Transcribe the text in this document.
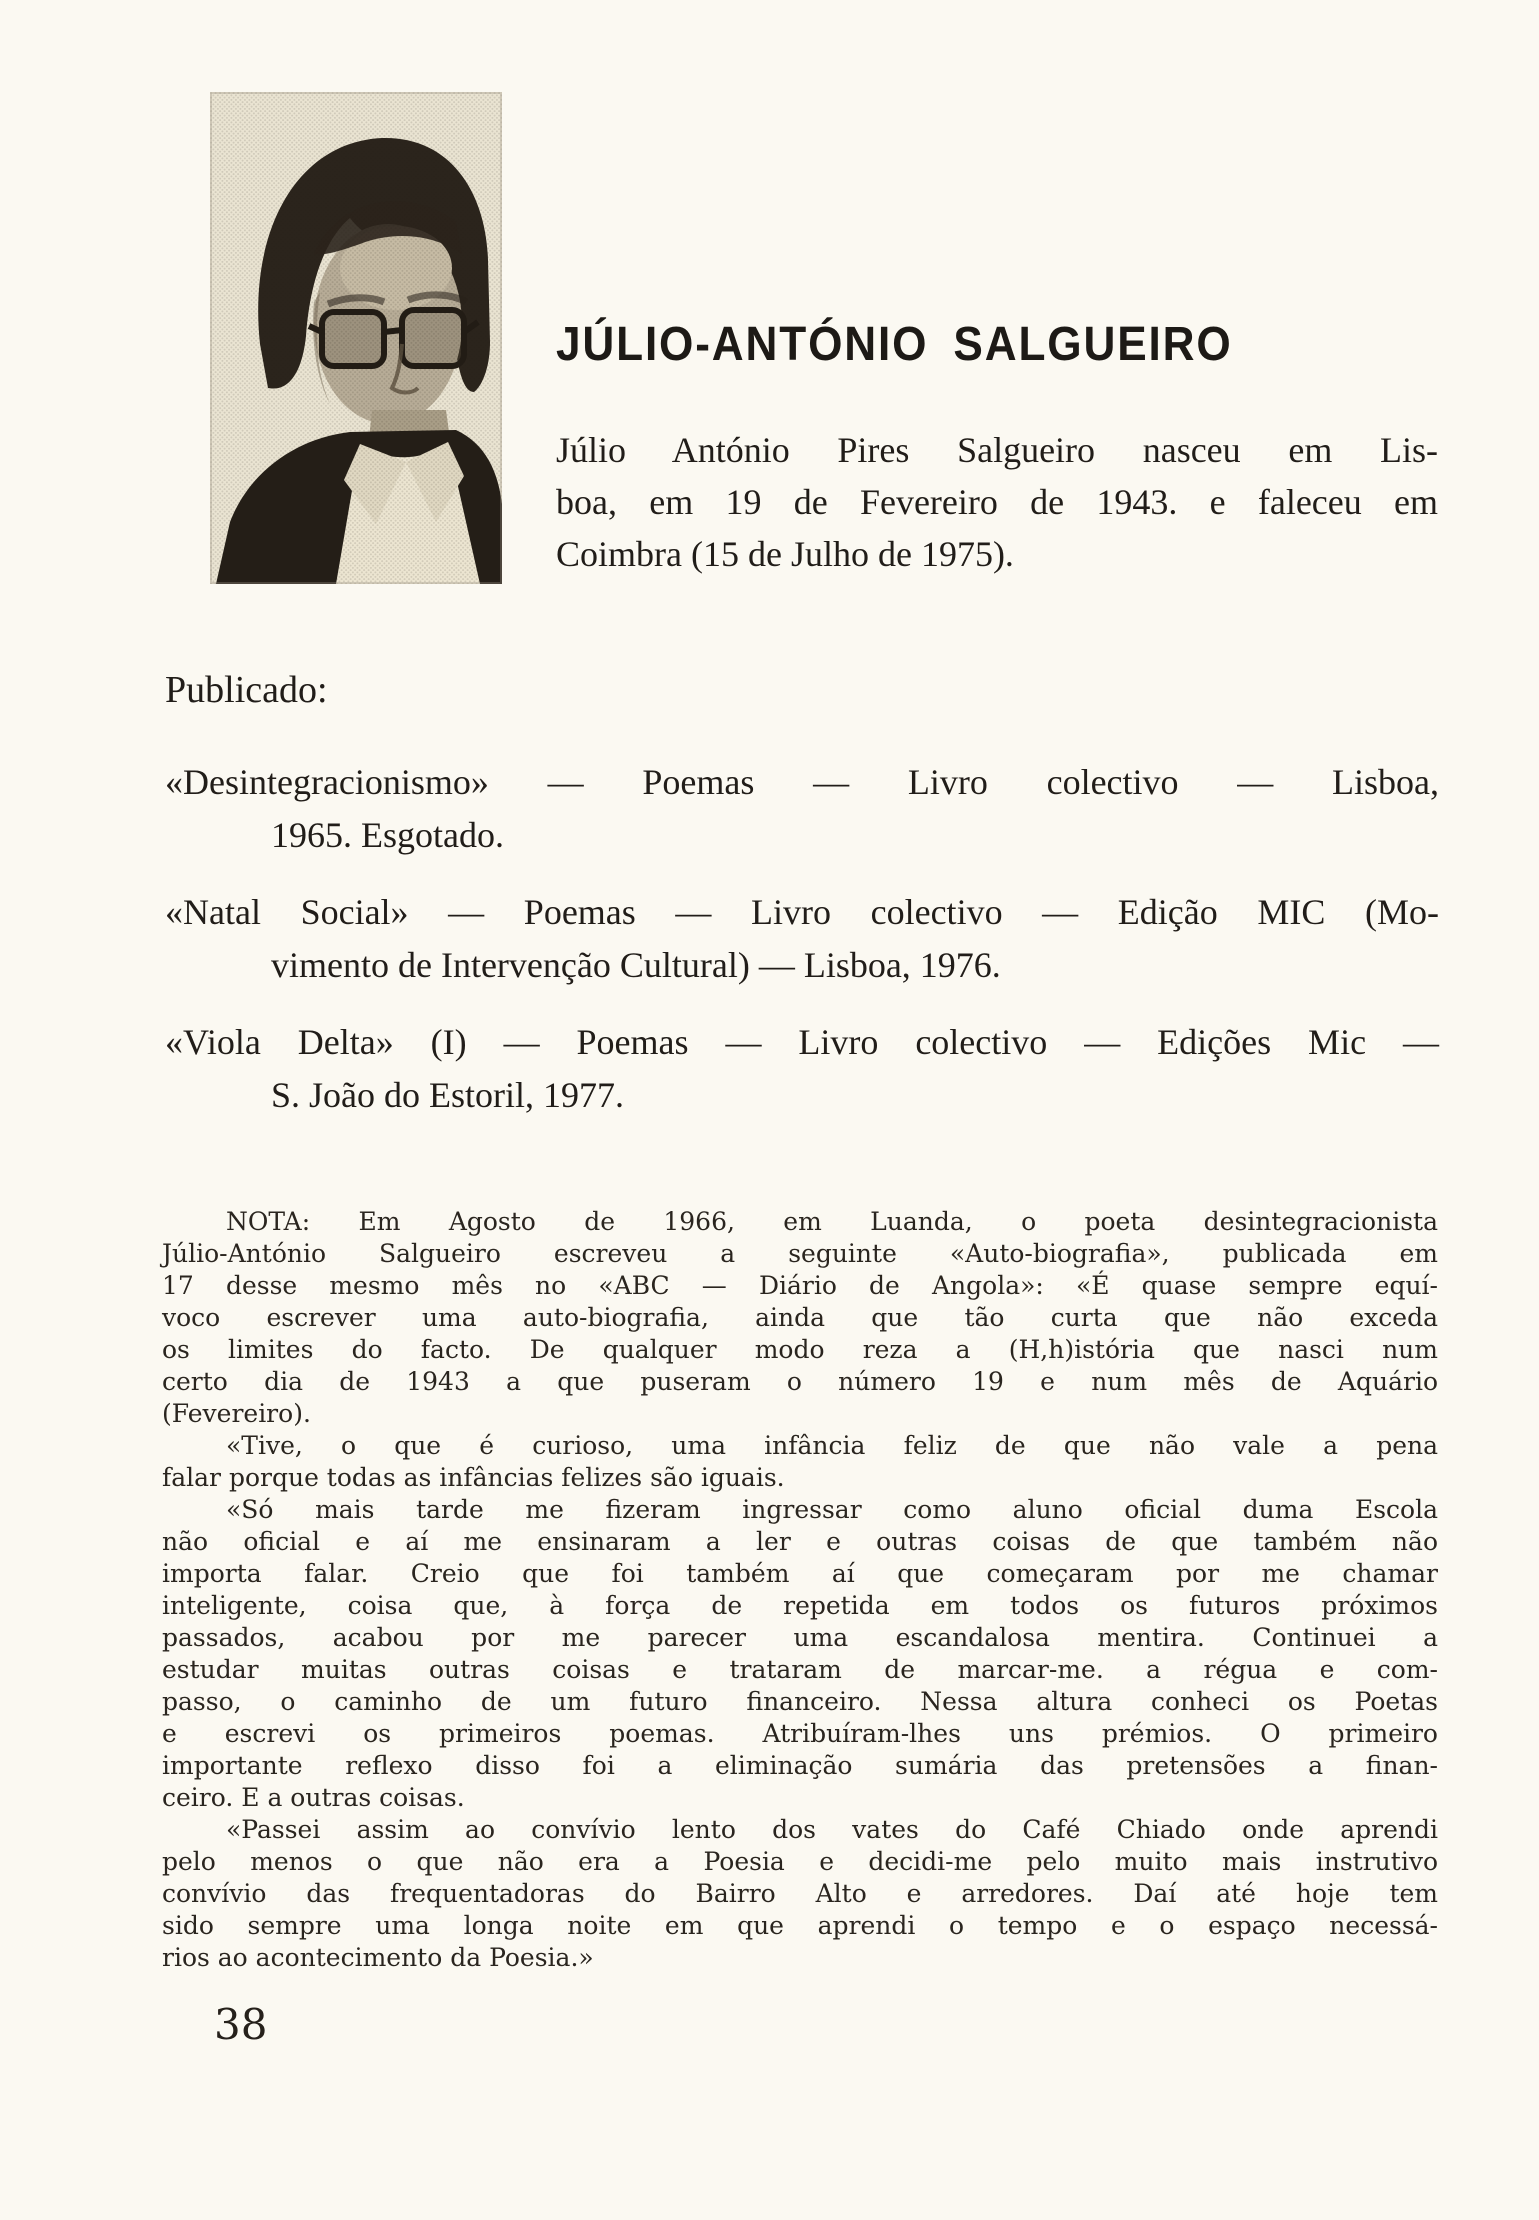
JÚLIO-ANTÓNIO SALGUEIRO
Júlio António Pires Salgueiro nasceu em Lis-
boa, em 19 de Fevereiro de 1943. e faleceu em
Coimbra (15 de Julho de 1975).
Publicado:
«Desintegracionismo» — Poemas — Livro colectivo — Lisboa,
1965. Esgotado.
«Natal Social» — Poemas — Livro colectivo — Edição MIC (Mo-
vimento de Intervenção Cultural) — Lisboa, 1976.
«Viola Delta» (I) — Poemas — Livro colectivo — Edições Mic —
S. João do Estoril, 1977.
NOTA: Em Agosto de 1966, em Luanda, o poeta desintegracionista
Júlio-António Salgueiro escreveu a seguinte «Auto-biografia», publicada em
17 desse mesmo mês no «ABC — Diário de Angola»: «É quase sempre equí-
voco escrever uma auto-biografia, ainda que tão curta que não exceda
os limites do facto. De qualquer modo reza a (H,h)istória que nasci num
certo dia de 1943 a que puseram o número 19 e num mês de Aquário
(Fevereiro).
«Tive, o que é curioso, uma infância feliz de que não vale a pena
falar porque todas as infâncias felizes são iguais.
«Só mais tarde me fizeram ingressar como aluno oficial duma Escola
não oficial e aí me ensinaram a ler e outras coisas de que também não
importa falar. Creio que foi também aí que começaram por me chamar
inteligente, coisa que, à força de repetida em todos os futuros próximos
passados, acabou por me parecer uma escandalosa mentira. Continuei a
estudar muitas outras coisas e trataram de marcar-me. a régua e com-
passo, o caminho de um futuro financeiro. Nessa altura conheci os Poetas
e escrevi os primeiros poemas. Atribuíram-lhes uns prémios. O primeiro
importante reflexo disso foi a eliminação sumária das pretensões a finan-
ceiro. E a outras coisas.
«Passei assim ao convívio lento dos vates do Café Chiado onde aprendi
pelo menos o que não era a Poesia e decidi-me pelo muito mais instrutivo
convívio das frequentadoras do Bairro Alto e arredores. Daí até hoje tem
sido sempre uma longa noite em que aprendi o tempo e o espaço necessá-
rios ao acontecimento da Poesia.»
38
